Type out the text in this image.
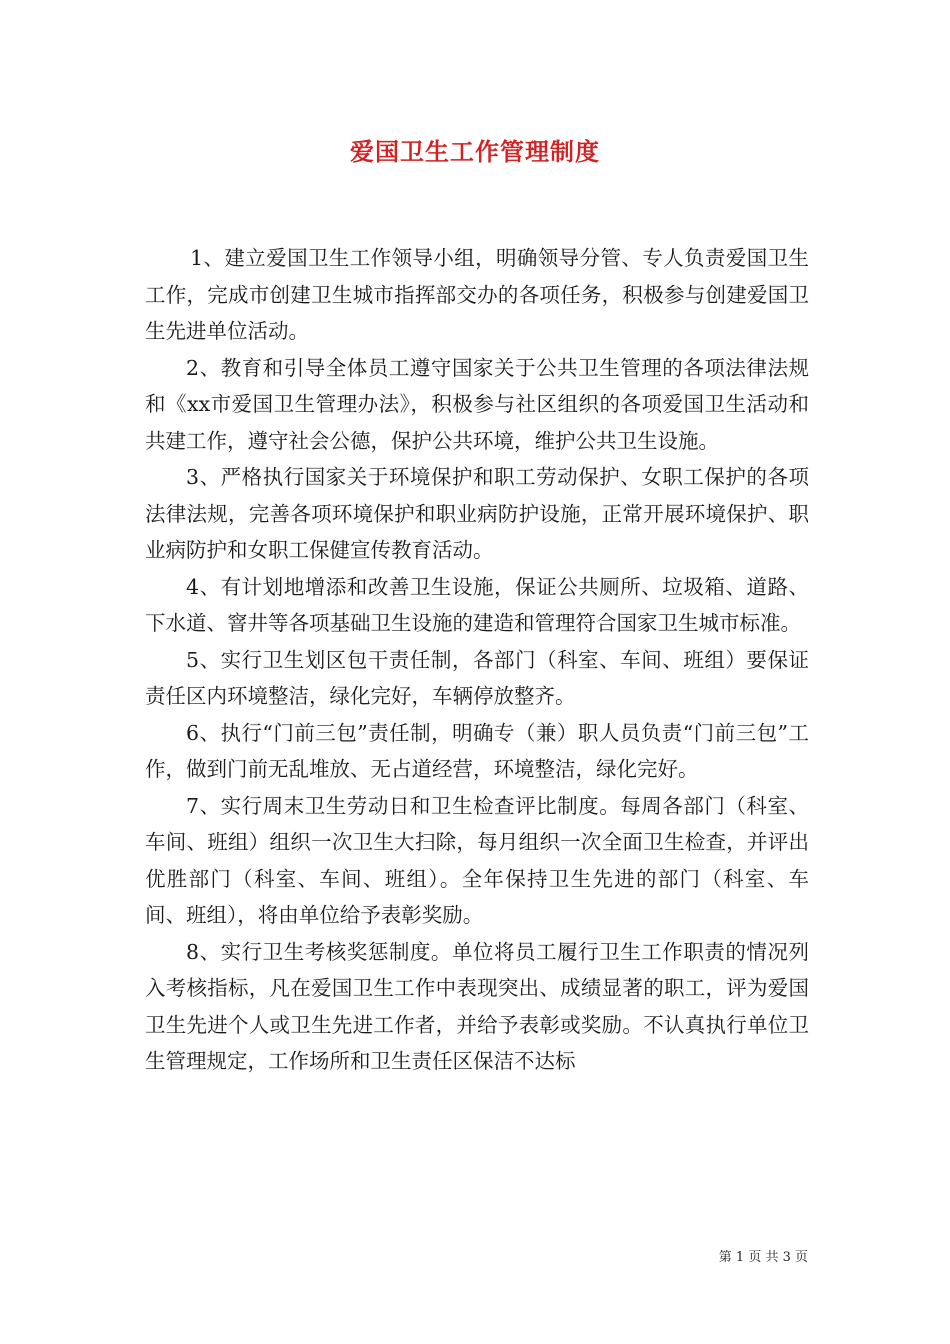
爱国卫生工作管理制度

1、建立爱国卫生工作领导小组，明确领导分管、专人负责爱国卫生工作，完成市创建卫生城市指挥部交办的各项任务，积极参与创建爱国卫生先进单位活动。

2、教育和引导全体员工遵守国家关于公共卫生管理的各项法律法规和《xx市爱国卫生管理办法》，积极参与社区组织的各项爱国卫生活动和共建工作，遵守社会公德，保护公共环境，维护公共卫生设施。

3、严格执行国家关于环境保护和职工劳动保护、女职工保护的各项法律法规，完善各项环境保护和职业病防护设施，正常开展环境保护、职业病防护和女职工保健宣传教育活动。

4、有计划地增添和改善卫生设施，保证公共厕所、垃圾箱、道路、下水道、窨井等各项基础卫生设施的建造和管理符合国家卫生城市标准。

5、实行卫生划区包干责任制，各部门（科室、车间、班组）要保证责任区内环境整洁，绿化完好，车辆停放整齐。

6、执行“门前三包”责任制，明确专（兼）职人员负责“门前三包”工作，做到门前无乱堆放、无占道经营，环境整洁，绿化完好。

7、实行周末卫生劳动日和卫生检查评比制度。每周各部门（科室、车间、班组）组织一次卫生大扫除，每月组织一次全面卫生检查，并评出优胜部门（科室、车间、班组）。全年保持卫生先进的部门（科室、车间、班组），将由单位给予表彰奖励。

8、实行卫生考核奖惩制度。单位将员工履行卫生工作职责的情况列入考核指标，凡在爱国卫生工作中表现突出、成绩显著的职工，评为爱国卫生先进个人或卫生先进工作者，并给予表彰或奖励。不认真执行单位卫生管理规定，工作场所和卫生责任区保洁不达标

第 1 页 共 3 页
